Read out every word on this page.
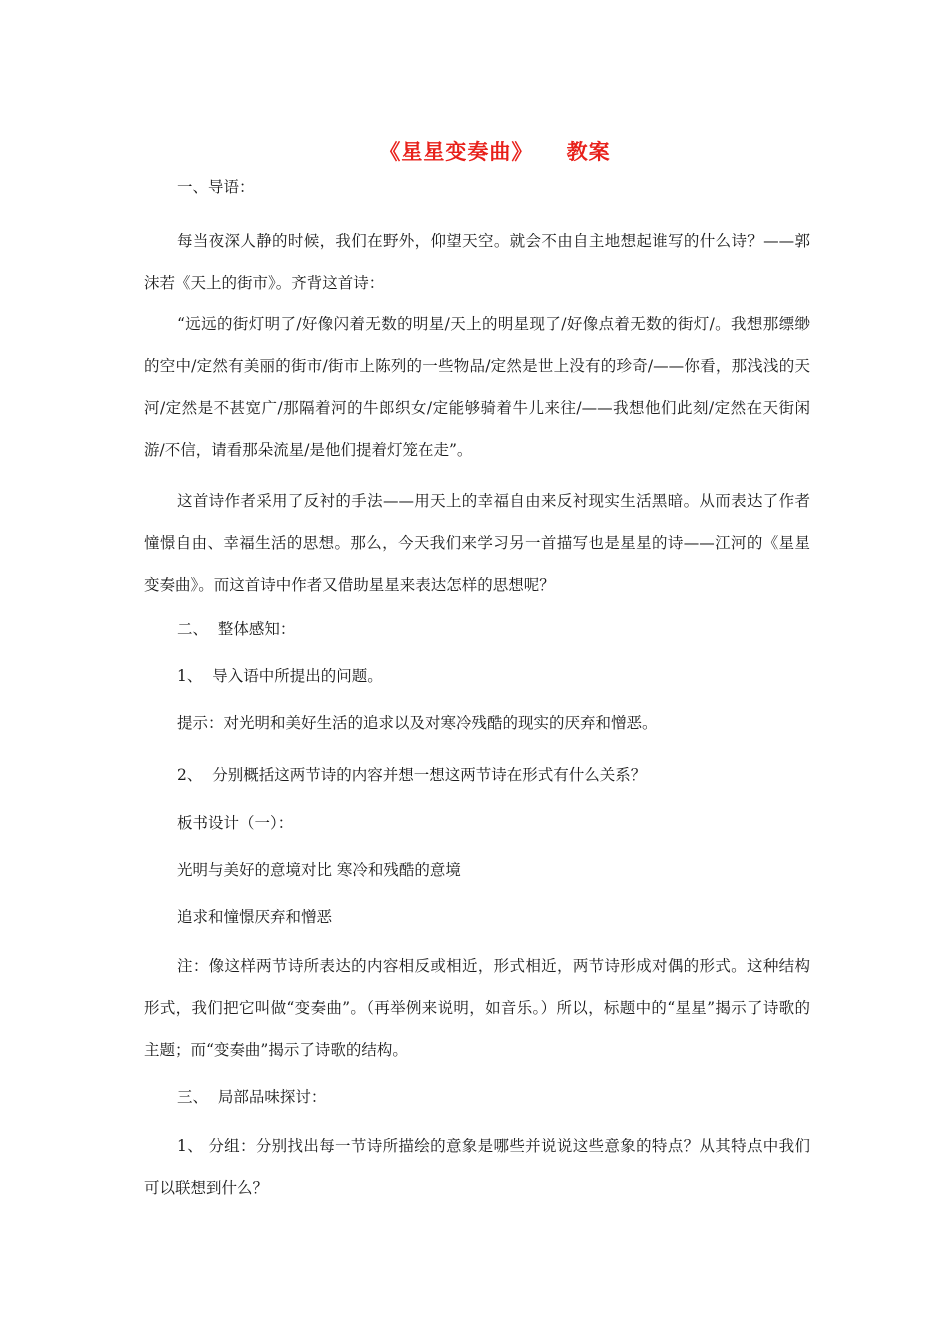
《星星变奏曲》    教案
一、导语：

每当夜深人静的时候，我们在野外，仰望天空。就会不由自主地想起谁写的什么诗？——郭沫若《天上的街市》。齐背这首诗：

“远远的街灯明了/好像闪着无数的明星/天上的明星现了/好像点着无数的街灯/。我想那缥缈的空中/定然有美丽的街市/街市上陈列的一些物品/定然是世上没有的珍奇/——你看，那浅浅的天河/定然是不甚宽广/那隔着河的牛郎织女/定能够骑着牛儿来往/——我想他们此刻/定然在天街闲游/不信，请看那朵流星/是他们提着灯笼在走”。

这首诗作者采用了反衬的手法——用天上的幸福自由来反衬现实生活黑暗。从而表达了作者憧憬自由、幸福生活的思想。那么，今天我们来学习另一首描写也是星星的诗——江河的《星星变奏曲》。而这首诗中作者又借助星星来表达怎样的思想呢？

二、  整体感知：
1、  导入语中所提出的问题。
提示：对光明和美好生活的追求以及对寒冷残酷的现实的厌弃和憎恶。
2、  分别概括这两节诗的内容并想一想这两节诗在形式有什么关系？
板书设计（一）：
光明与美好的意境对比 寒冷和残酷的意境
追求和憧憬厌弃和憎恶

注：像这样两节诗所表达的内容相反或相近，形式相近，两节诗形成对偶的形式。这种结构形式，我们把它叫做“变奏曲”。（再举例来说明，如音乐。）所以，标题中的“星星”揭示了诗歌的主题；而“变奏曲”揭示了诗歌的结构。

三、  局部品味探讨：

1、 分组：分别找出每一节诗所描绘的意象是哪些并说说这些意象的特点？从其特点中我们可以联想到什么？
